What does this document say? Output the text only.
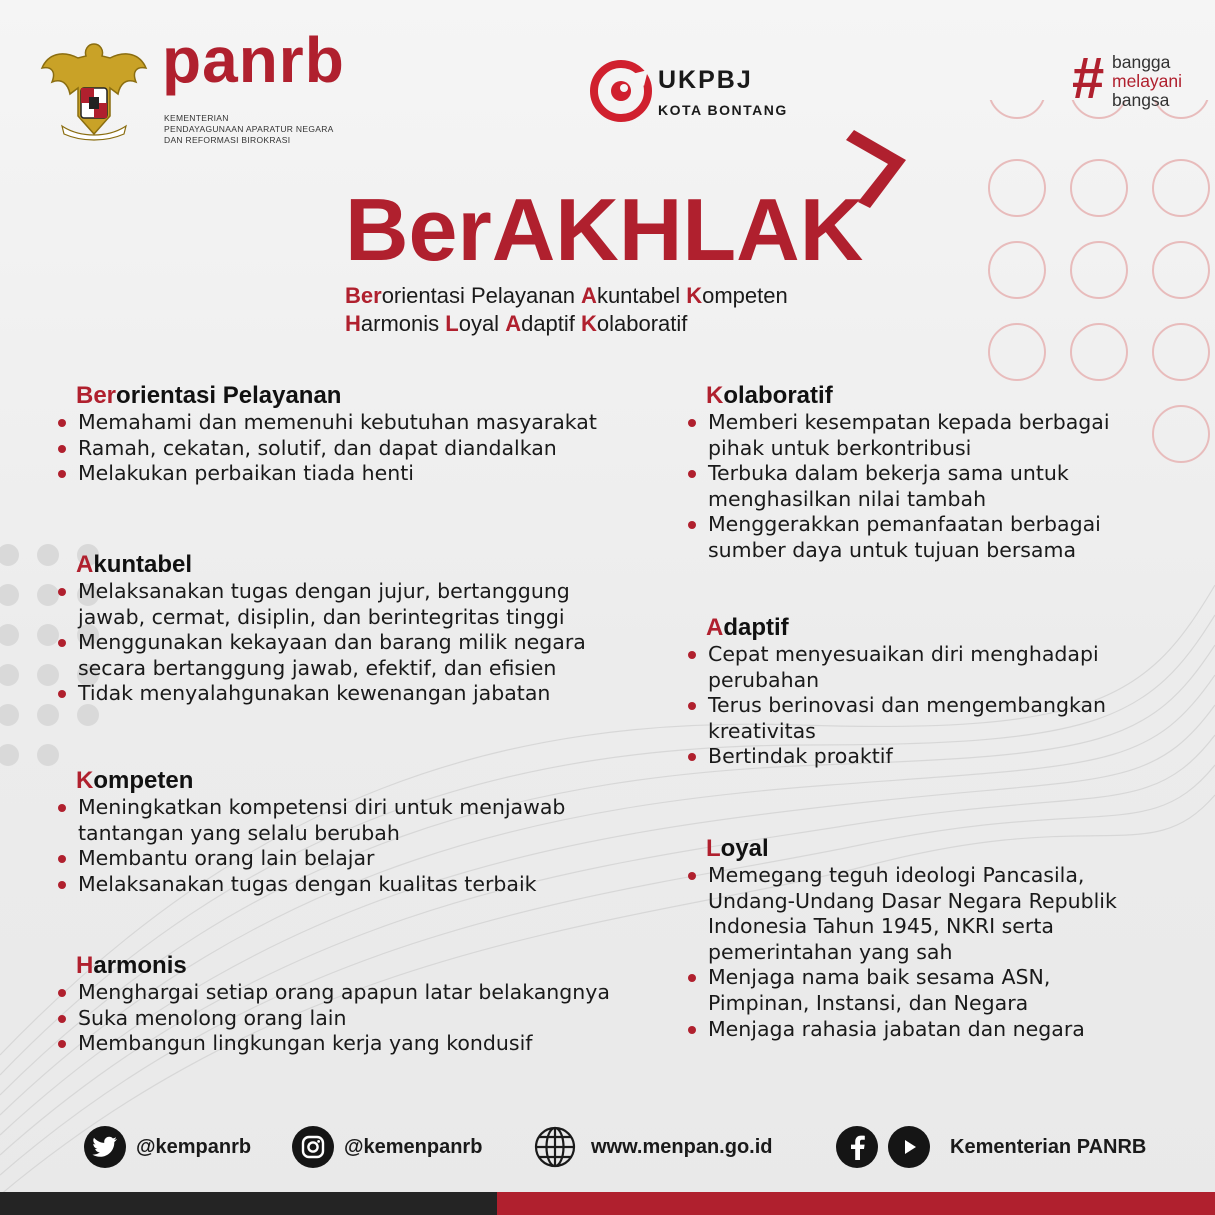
panrb
KEMENTERIAN
PENDAYAGUNAAN APARATUR NEGARA
DAN REFORMASI BIROKRASI
UKPBJ
KOTA BONTANG	# bangga
melayani
bangsa
BerAKHLAK
Berorientasi Pelayanan Akuntabel Kompeten
Harmonis Loyal Adaptif Kolaboratif
Berorientasi Pelayanan
Memahami dan memenuhi kebutuhan masyarakat
Ramah, cekatan, solutif, dan dapat diandalkan
Melakukan perbaikan tiada henti
Akuntabel
Melaksanakan tugas dengan jujur, bertanggung jawab, cermat, disiplin, dan berintegritas tinggi
Menggunakan kekayaan dan barang milik negara secara bertanggung jawab, efektif, dan efisien
Tidak menyalahgunakan kewenangan jabatan
Kompeten
Meningkatkan kompetensi diri untuk menjawab tantangan yang selalu berubah
Membantu orang lain belajar
Melaksanakan tugas dengan kualitas terbaik
Harmonis
Menghargai setiap orang apapun latar belakangnya
Suka menolong orang lain
Membangun lingkungan kerja yang kondusif
Kolaboratif
Memberi kesempatan kepada berbagai pihak untuk berkontribusi
Terbuka dalam bekerja sama untuk menghasilkan nilai tambah
Menggerakkan pemanfaatan berbagai sumber daya untuk tujuan bersama
Adaptif
Cepat menyesuaikan diri menghadapi perubahan
Terus berinovasi dan mengembangkan kreativitas
Bertindak proaktif
Loyal
Memegang teguh ideologi Pancasila, Undang-Undang Dasar Negara Republik Indonesia Tahun 1945, NKRI serta pemerintahan yang sah
Menjaga nama baik sesama ASN, Pimpinan, Instansi, dan Negara
Menjaga rahasia jabatan dan negara
@kempanrb	@kemenpanrb	www.menpan.go.id	Kementerian PANRB
